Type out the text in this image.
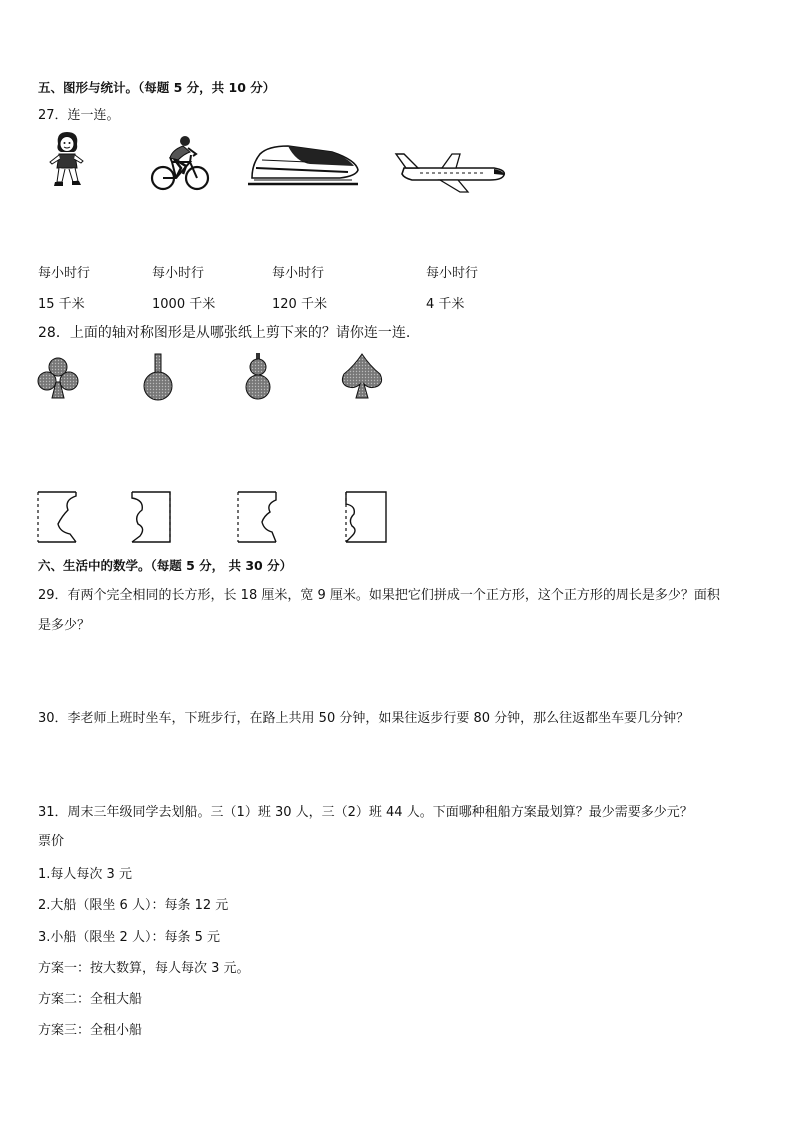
五、图形与统计。（每题 5 分，共 10 分）
27．连一连。
每小时行	每小时行	每小时行	每小时行
15 千米	1000 千米	120 千米	4 千米
28．上面的轴对称图形是从哪张纸上剪下来的？请你连一连.
六、生活中的数学。（每题 5 分， 共 30 分）
29．有两个完全相同的长方形，长 18 厘米，宽 9 厘米。如果把它们拼成一个正方形，这个正方形的周长是多少？面积
是多少？
30．李老师上班时坐车，下班步行，在路上共用 50 分钟，如果往返步行要 80 分钟，那么往返都坐车要几分钟？
31．周末三年级同学去划船。三（1）班 30 人，三（2）班 44 人。下面哪种租船方案最划算？最少需要多少元？
票价
1.每人每次 3 元
2.大船（限坐 6 人）：每条 12 元
3.小船（限坐 2 人）：每条 5 元
方案一：按大数算，每人每次 3 元。
方案二：全租大船
方案三：全租小船
